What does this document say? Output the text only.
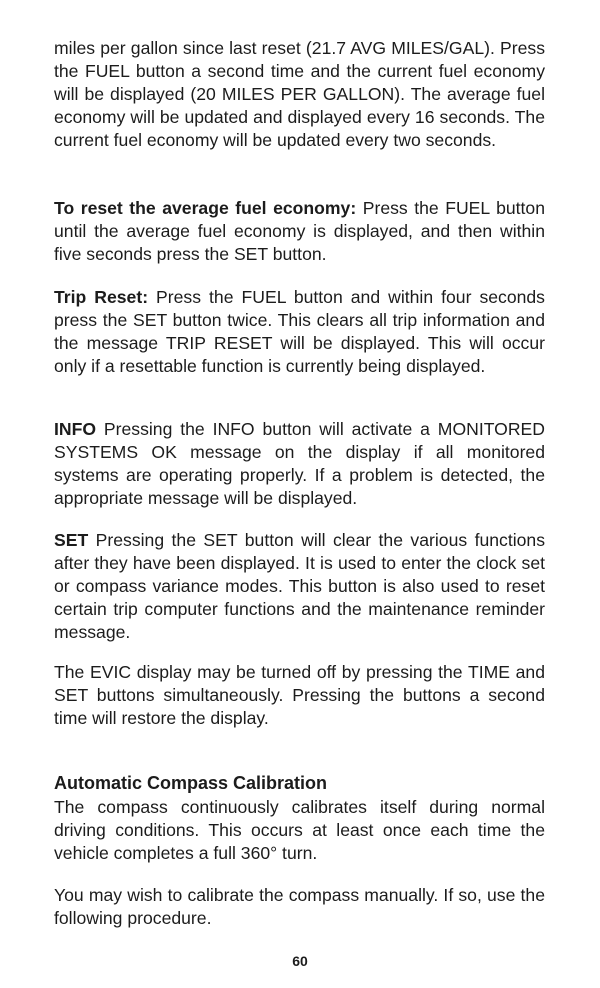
miles per gallon since last reset (21.7 AVG MILES/GAL). Press the FUEL button a second time and the current fuel economy will be displayed (20 MILES PER GALLON). The average fuel economy will be updated and displayed every 16 seconds. The current fuel economy will be updated every two seconds.

To reset the average fuel economy: Press the FUEL button until the average fuel economy is displayed, and then within five seconds press the SET button.

Trip Reset: Press the FUEL button and within four seconds press the SET button twice. This clears all trip information and the message TRIP RESET will be displayed. This will occur only if a resettable function is currently being displayed.

INFO Pressing the INFO button will activate a MONITORED SYSTEMS OK message on the display if all monitored systems are operating properly. If a problem is detected, the appropriate message will be displayed.

SET Pressing the SET button will clear the various functions after they have been displayed. It is used to enter the clock set or compass variance modes. This button is also used to reset certain trip computer functions and the maintenance reminder message.

The EVIC display may be turned off by pressing the TIME and SET buttons simultaneously. Pressing the buttons a second time will restore the display.

Automatic Compass Calibration

The compass continuously calibrates itself during normal driving conditions. This occurs at least once each time the vehicle completes a full 360° turn.

You may wish to calibrate the compass manually. If so, use the following procedure.

60
